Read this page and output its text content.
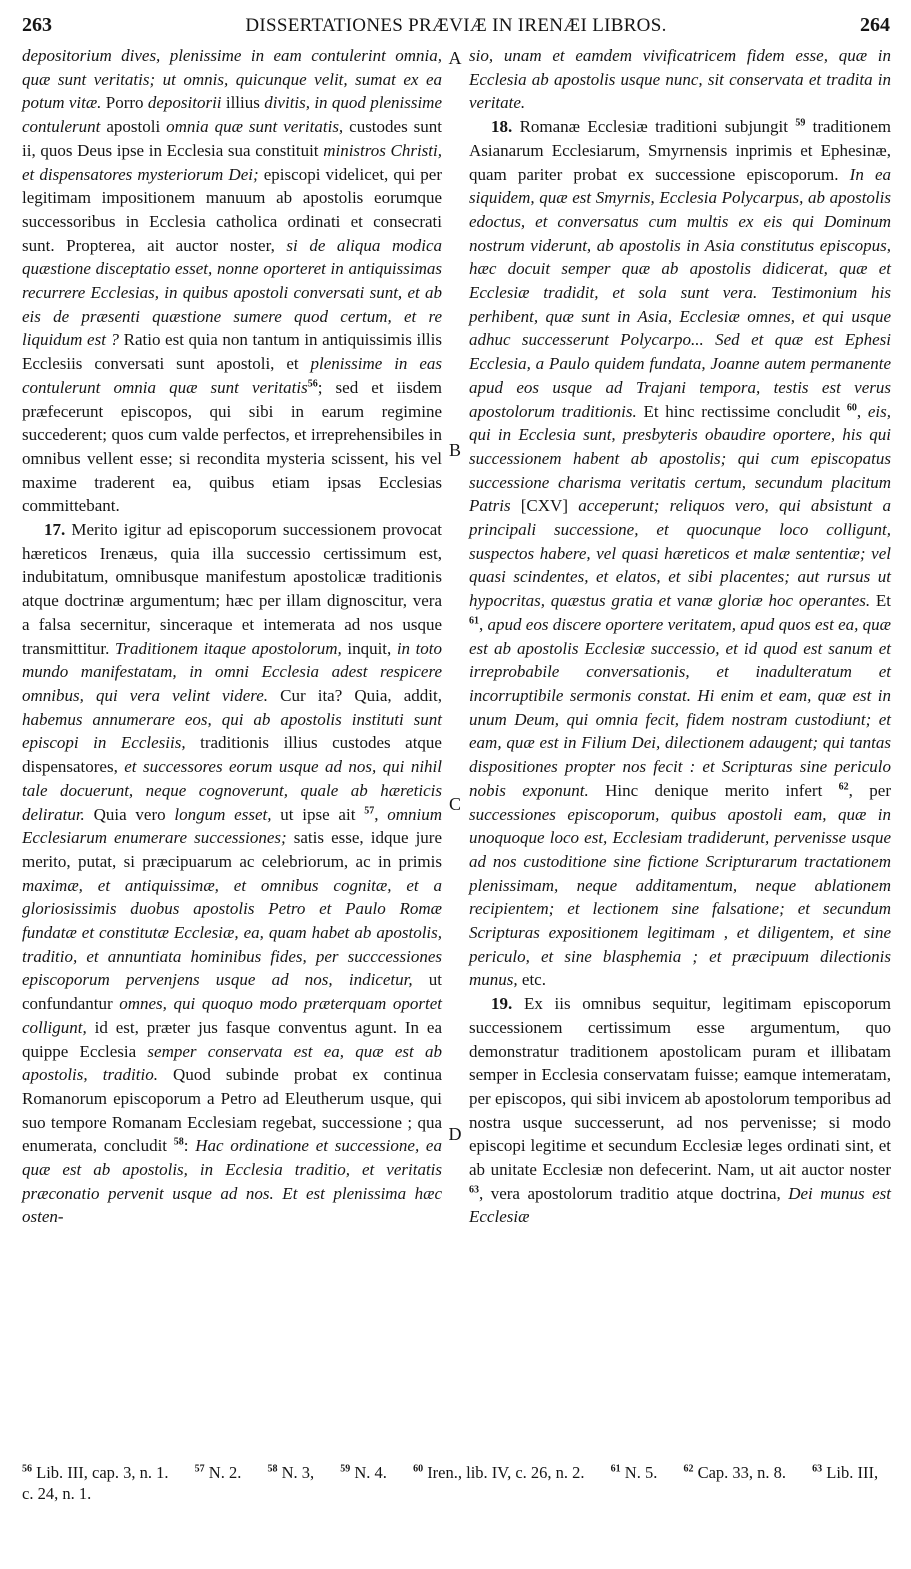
263	DISSERTATIONES PRÆVIÆ IN IRENÆI LIBROS.	264

depositorium dives, plenissime in eam contulerint omnia, quæ sunt veritatis; ut omnis, quicunque velit, sumat ex ea potum vitæ. Porro depositorii illius divitis, in quod plenissime contulerunt apostoli omnia quæ sunt veritatis, custodes sunt ii, quos Deus ipse in Ecclesia sua constituit ministros Christi, et dispensatores mysteriorum Dei; episcopi videlicet, qui per legitimam impositionem manuum ab apostolis eorumque successoribus in Ecclesia catholica ordinati et consecrati sunt. Propterea, ait auctor noster, si de aliqua modica quæstione disceptatio esset, nonne oporteret in antiquissimas recurrere Ecclesias, in quibus apostoli conversati sunt, et ab eis de præsenti quæstione sumere quod certum, et re liquidum est ? Ratio est quia non tantum in antiquissimis illis Ecclesiis conversati sunt apostoli, et plenissime in eas contulerunt omnia quæ sunt veritatis$^{56}$; sed et iisdem præfecerunt episcopos, qui sibi in earum regimine succederent; quos cum valde perfectos, et irreprehensibiles in omnibus vellent esse; si recondita mysteria scissent, his vel maxime traderent ea, quibus etiam ipsas Ecclesias committebant.

17. Merito igitur ad episcoporum successionem provocat hæreticos Irenæus, quia illa successio certissimum est, indubitatum, omnibusque manifestum apostolicæ traditionis atque doctrinæ argumentum; hæc per illam dignoscitur, vera a falsa secernitur, sinceraque et intemerata ad nos usque transmittitur. Traditionem itaque apostolorum, inquit, in toto mundo manifestatam, in omni Ecclesia adest respicere omnibus, qui vera velint videre. Cur ita? Quia, addit, habemus annumerare eos, qui ab apostolis instituti sunt episcopi in Ecclesiis, traditionis illius custodes atque dispensatores, et successores eorum usque ad nos, qui nihil tale docuerunt, neque cognoverunt, quale ab hæreticis deliratur. Quia vero longum esset, ut ipse ait $^{57}$, omnium Ecclesiarum enumerare successiones; satis esse, idque jure merito, putat, si præcipuarum ac celebriorum, ac in primis maximæ, et antiquissimæ, et omnibus cognitæ, et a gloriosissimis duobus apostolis Petro et Paulo Romæ fundatæ et constitutæ Ecclesiæ, ea, quam habet ab apostolis, traditio, et annuntiata hominibus fides, per succcessiones episcoporum pervenjens usque ad nos, indicetur, ut confundantur omnes, qui quoquo modo præterquam oportet colligunt, id est, præter jus fasque conventus agunt. In ea quippe Ecclesia semper conservata est ea, quæ est ab apostolis, traditio. Quod subinde probat ex continua Romanorum episcoporum a Petro ad Eleutherum usque, qui suo tempore Romanam Ecclesiam regebat, successione ; qua enumerata, concludit $^{58}$: Hac ordinatione et successione, ea quæ est ab apostolis, in Ecclesia traditio, et veritatis præconatio pervenit usque ad nos. Et est plenissima hæc osten-

sio, unam et eamdem vivificatricem fidem esse, quæ in Ecclesia ab apostolis usque nunc, sit conservata et tradita in veritate.

18. Romanæ Ecclesiæ traditioni subjungit $^{59}$ traditionem Asianarum Ecclesiarum, Smyrnensis inprimis et Ephesinæ, quam pariter probat ex successione episcoporum. In ea siquidem, quæ est Smyrnis, Ecclesia Polycarpus, ab apostolis edoctus, et conversatus cum multis ex eis qui Dominum nostrum viderunt, ab apostolis in Asia constitutus episcopus, hæc docuit semper quæ ab apostolis didicerat, quæ et Ecclesiæ tradidit, et sola sunt vera. Testimonium his perhibent, quæ sunt in Asia, Ecclesiæ omnes, et qui usque adhuc successerunt Polycarpo... Sed et quæ est Ephesi Ecclesia, a Paulo quidem fundata, Joanne autem permanente apud eos usque ad Trajani tempora, testis est verus apostolorum traditionis. Et hinc rectissime concludit $^{60}$, eis, qui in Ecclesia sunt, presbyteris obaudire oportere, his qui successionem habent ab apostolis; qui cum episcopatus successione charisma veritatis certum, secundum placitum Patris [CXV] acceperunt; reliquos vero, qui absistunt a principali successione, et quocunque loco colligunt, suspectos habere, vel quasi hæreticos et malæ sententiæ; vel quasi scindentes, et elatos, et sibi placentes; aut rursus ut hypocritas, quæstus gratia et vanæ gloriæ hoc operantes. Et $^{61}$, apud eos discere oportere veritatem, apud quos est ea, quæ est ab apostolis Ecclesiæ successio, et id quod est sanum et irreprobabile conversationis, et inadulteratum et incorruptibile sermonis constat. Hi enim et eam, quæ est in unum Deum, qui omnia fecit, fidem nostram custodiunt; et eam, quæ est in Filium Dei, dilectionem adaugent; qui tantas dispositiones propter nos fecit : et Scripturas sine periculo nobis exponunt. Hinc denique merito infert $^{62}$, per successiones episcoporum, quibus apostoli eam, quæ in unoquoque loco est, Ecclesiam tradiderunt, pervenisse usque ad nos custoditione sine fictione Scripturarum tractationem plenissimam, neque additamentum, neque ablationem recipientem; et lectionem sine falsatione; et secundum Scripturas expositionem legitimam , et diligentem, et sine periculo, et sine blasphemia ; et præcipuum dilectionis munus, etc.

19. Ex iis omnibus sequitur, legitimam episcoporum successionem certissimum esse argumentum, quo demonstratur traditionem apostolicam puram et illibatam semper in Ecclesia conservatam fuisse; eamque intemeratam, per episcopos, qui sibi invicem ab apostolorum temporibus ad nostra usque successerunt, ad nos pervenisse; si modo episcopi legitime et secundum Ecclesiæ leges ordinati sint, et ab unitate Ecclesiæ non defecerint. Nam, ut ait auctor noster $^{63}$, vera apostolorum traditio atque doctrina, Dei munus est Ecclesiæ

A
B
C
D
$^{56}$ Lib. III, cap. 3, n. 1.	$^{57}$ N. 2.	$^{58}$ N. 3,	$^{59}$ N. 4.	$^{60}$ Iren., lib. IV, c. 26, n. 2.	$^{61}$ N. 5.	$^{62}$ Cap. 33, n. 8.	$^{63}$ Lib. III, c. 24, n. 1.
